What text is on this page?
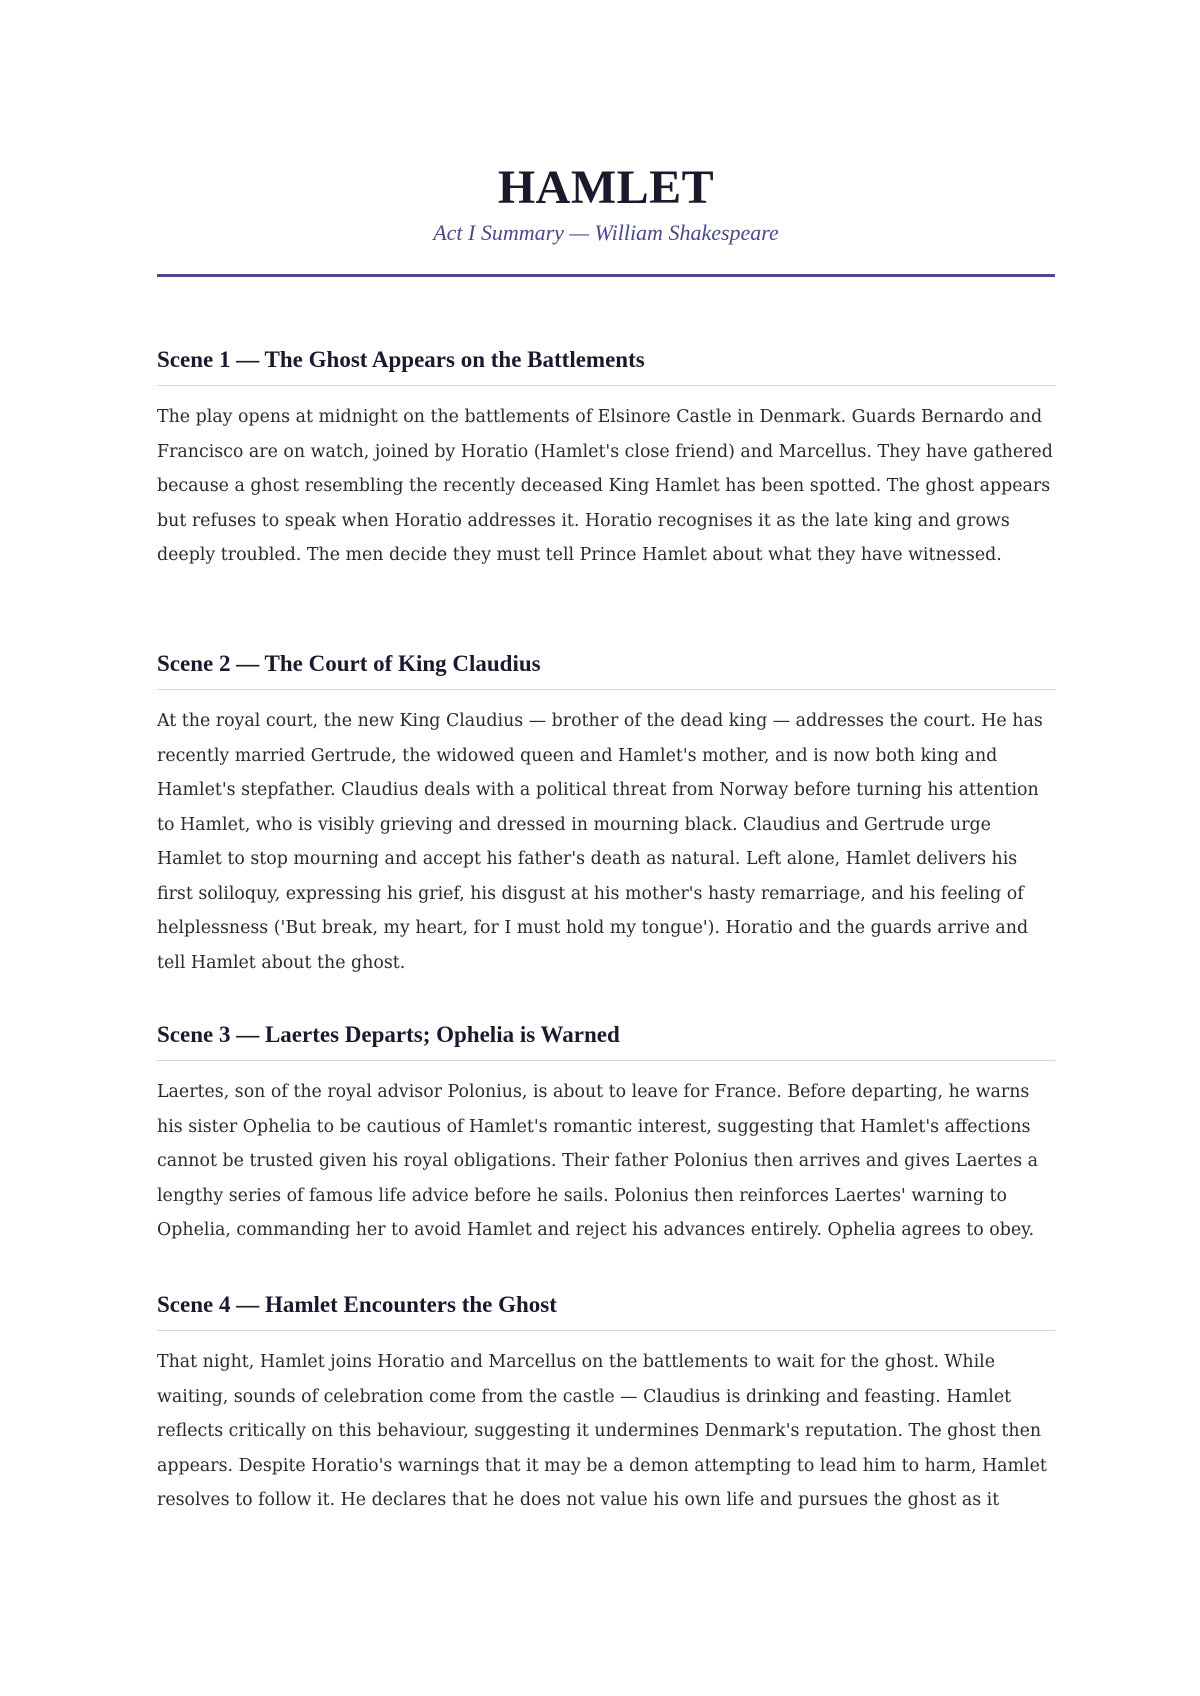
HAMLET

Act I Summary — William Shakespeare

Scene 1 — The Ghost Appears on the Battlements

The play opens at midnight on the battlements of Elsinore Castle in Denmark. Guards Bernardo and Francisco are on watch, joined by Horatio (Hamlet's close friend) and Marcellus. They have gathered because a ghost resembling the recently deceased King Hamlet has been spotted. The ghost appears but refuses to speak when Horatio addresses it. Horatio recognises it as the late king and grows deeply troubled. The men decide they must tell Prince Hamlet about what they have witnessed.

Scene 2 — The Court of King Claudius

At the royal court, the new King Claudius — brother of the dead king — addresses the court. He has recently married Gertrude, the widowed queen and Hamlet's mother, and is now both king and Hamlet's stepfather. Claudius deals with a political threat from Norway before turning his attention to Hamlet, who is visibly grieving and dressed in mourning black. Claudius and Gertrude urge Hamlet to stop mourning and accept his father's death as natural. Left alone, Hamlet delivers his first soliloquy, expressing his grief, his disgust at his mother's hasty remarriage, and his feeling of helplessness ('But break, my heart, for I must hold my tongue'). Horatio and the guards arrive and tell Hamlet about the ghost.

Scene 3 — Laertes Departs; Ophelia is Warned

Laertes, son of the royal advisor Polonius, is about to leave for France. Before departing, he warns his sister Ophelia to be cautious of Hamlet's romantic interest, suggesting that Hamlet's affections cannot be trusted given his royal obligations. Their father Polonius then arrives and gives Laertes a lengthy series of famous life advice before he sails. Polonius then reinforces Laertes' warning to Ophelia, commanding her to avoid Hamlet and reject his advances entirely. Ophelia agrees to obey.

Scene 4 — Hamlet Encounters the Ghost

That night, Hamlet joins Horatio and Marcellus on the battlements to wait for the ghost. While waiting, sounds of celebration come from the castle — Claudius is drinking and feasting. Hamlet reflects critically on this behaviour, suggesting it undermines Denmark's reputation. The ghost then appears. Despite Horatio's warnings that it may be a demon attempting to lead him to harm, Hamlet resolves to follow it. He declares that he does not value his own life and pursues the ghost as it
